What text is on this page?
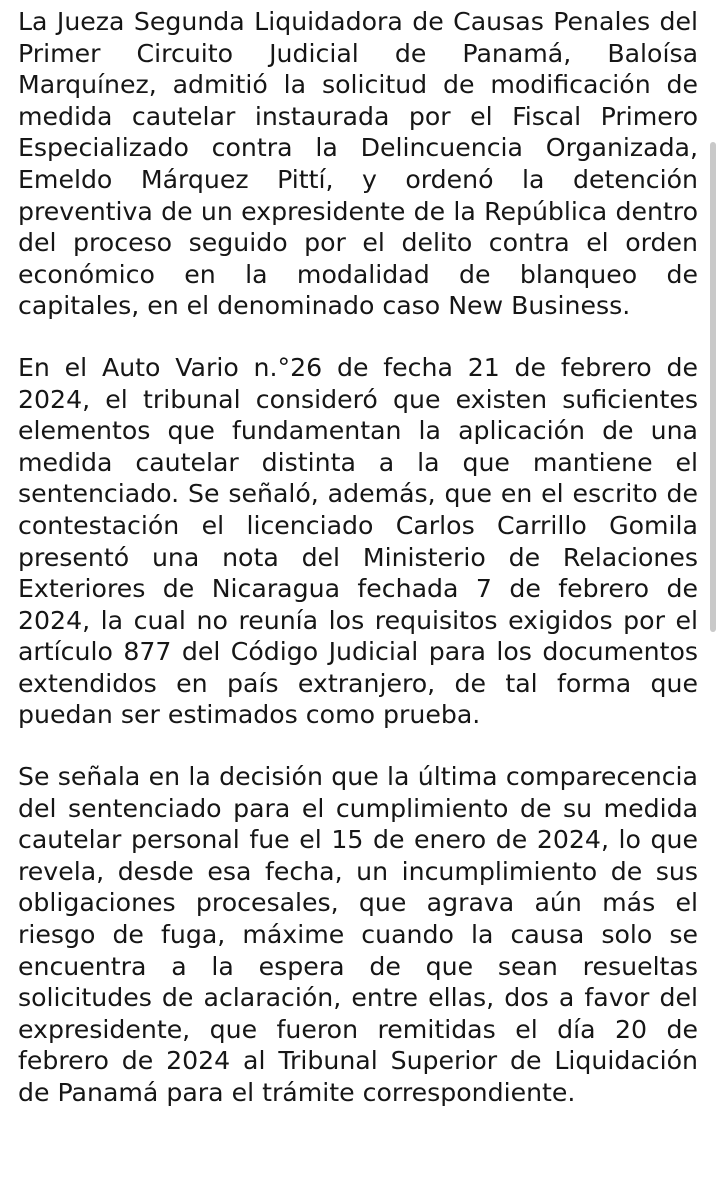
La Jueza Segunda Liquidadora de Causas Penales del Primer Circuito Judicial de Panamá, Baloísa Marquínez, admitió la solicitud de modificación de medida cautelar instaurada por el Fiscal Primero Especializado contra la Delincuencia Organizada, Emeldo Márquez Pittí, y ordenó la detención preventiva de un expresidente de la República dentro del proceso seguido por el delito contra el orden económico en la modalidad de blanqueo de capitales, en el denominado caso New Business.

En el Auto Vario n.°26 de fecha 21 de febrero de 2024, el tribunal consideró que existen suficientes elementos que fundamentan la aplicación de una medida cautelar distinta a la que mantiene el sentenciado. Se señaló, además, que en el escrito de contestación el licenciado Carlos Carrillo Gomila presentó una nota del Ministerio de Relaciones Exteriores de Nicaragua fechada 7 de febrero de 2024, la cual no reunía los requisitos exigidos por el artículo 877 del Código Judicial para los documentos extendidos en país extranjero, de tal forma que puedan ser estimados como prueba.

Se señala en la decisión que la última comparecencia del sentenciado para el cumplimiento de su medida cautelar personal fue el 15 de enero de 2024, lo que revela, desde esa fecha, un incumplimiento de sus obligaciones procesales, que agrava aún más el riesgo de fuga, máxime cuando la causa solo se encuentra a la espera de que sean resueltas solicitudes de aclaración, entre ellas, dos a favor del expresidente, que fueron remitidas el día 20 de febrero de 2024 al Tribunal Superior de Liquidación de Panamá para el trámite correspondiente.
